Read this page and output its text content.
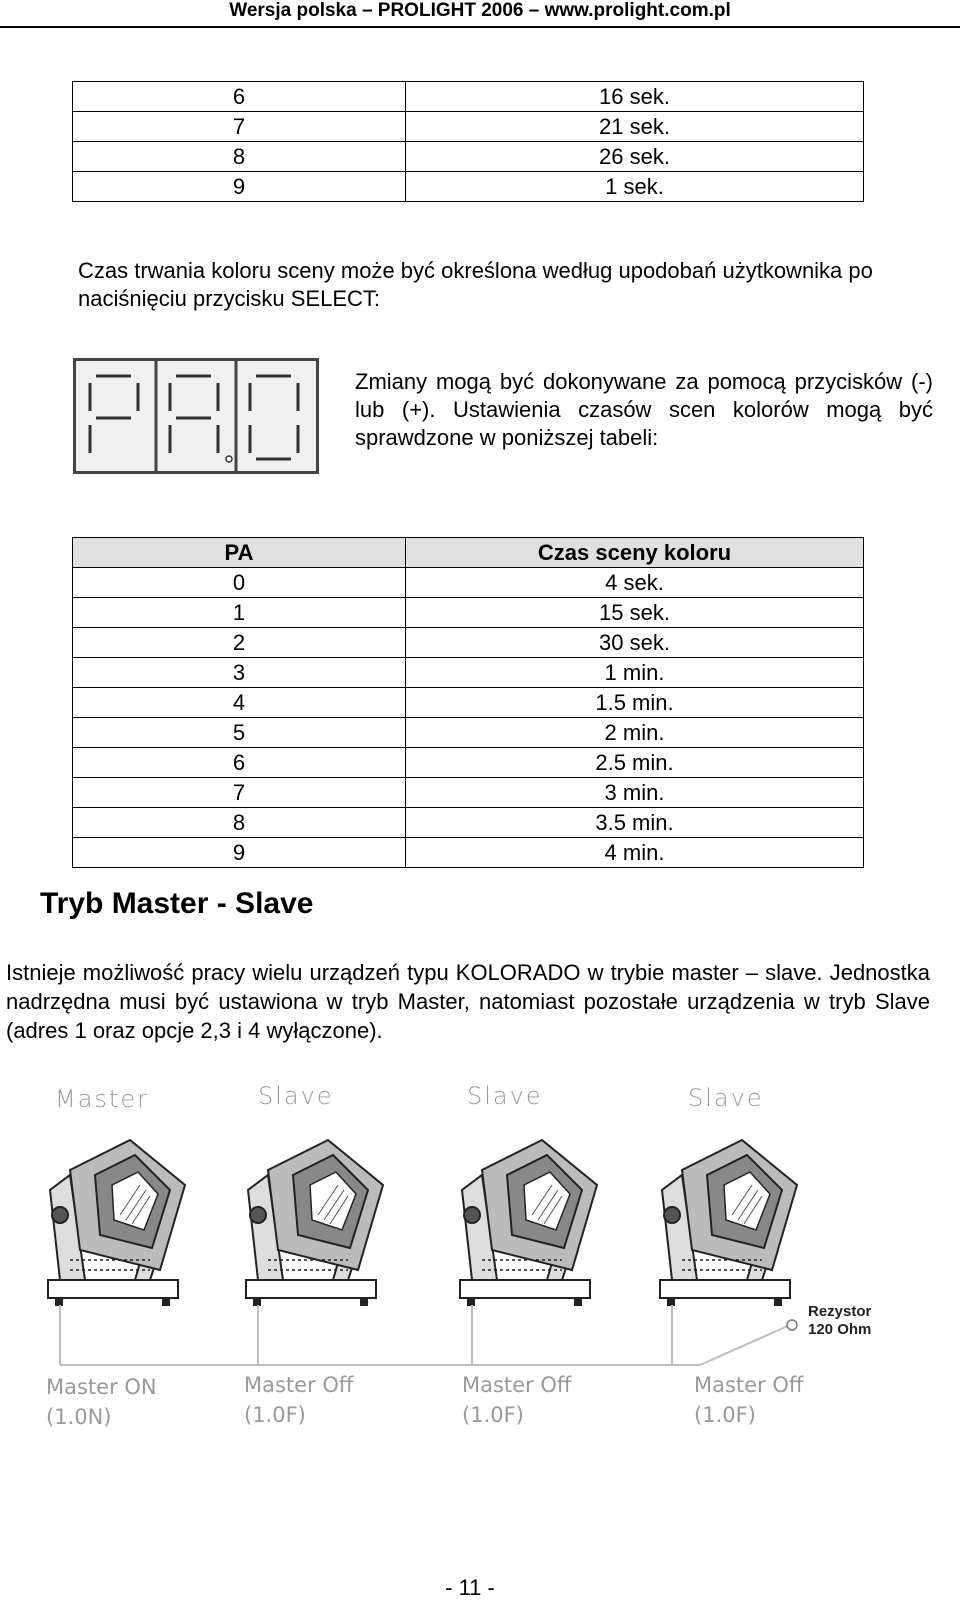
Wersja polska – PROLIGHT 2006 – www.prolight.com.pl
6	16 sek.
7	21 sek.
8	26 sek.
9	1 sek.

Czas trwania koloru sceny może być określona według upodobań użytkownika po naciśnięciu przycisku SELECT:

Zmiany mogą być dokonywane za pomocą przycisków (-) lub (+). Ustawienia czasów scen kolorów mogą być sprawdzone w poniższej tabeli:

PA	Czas sceny koloru
0	4 sek.
1	15 sek.
2	30 sek.
3	1 min.
4	1.5 min.
5	2 min.
6	2.5 min.
7	3 min.
8	3.5 min.
9	4 min.
Tryb Master - Slave

Istnieje możliwość pracy wielu urządzeń typu KOLORADO w trybie master – slave. Jednostka nadrzędna musi być ustawiona w tryb Master, natomiast pozostałe urządzenia w tryb Slave (adres 1 oraz opcje 2,3 i 4 wyłączone).

Master	Slave	Slave	Slave
Rezystor
120 Ohm
Master ON
(1.0N)
Master Off
(1.0F)
Master Off
(1.0F)
Master Off
(1.0F)
- 11 -
